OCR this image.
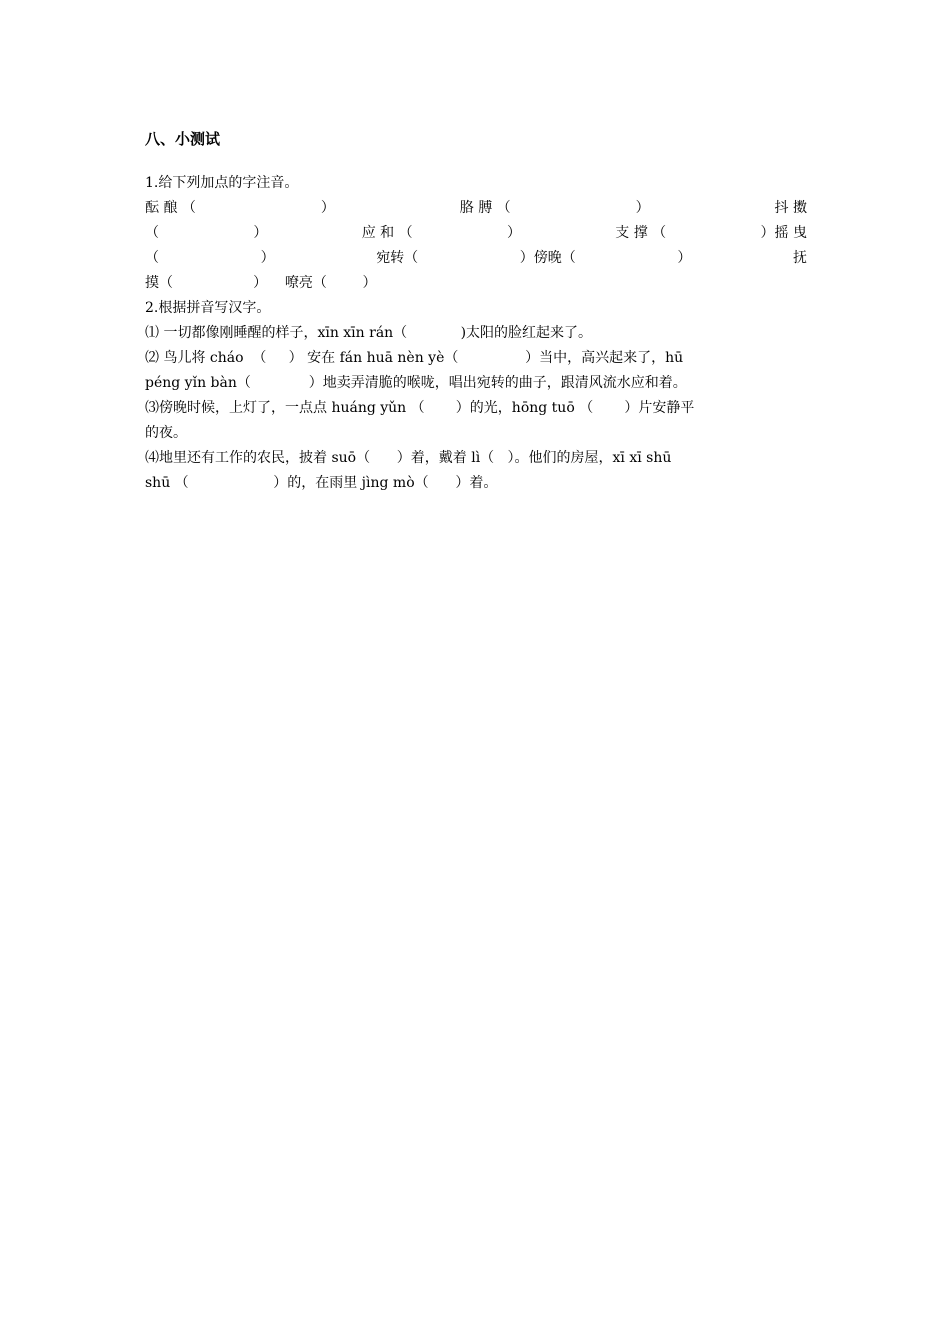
八、小测试
1.给下列加点的字注音。
酝 酿 （	）	胳 膊 （	）	抖 擞
（	）	应 和 （	）	支 撑 （	）摇 曳
（	）	宛转（	）傍晚（	）	抚
摸（                  ）    嘹亮（        ）
2.根据拼音写汉字。
⑴ 一切都像刚睡醒的样子，xīn xīn rán（            )太阳的脸红起来了。
⑵ 鸟儿将 cháo  （     ） 安在 fán huā nèn yè（               ）当中，高兴起来了，hū
péng yǐn bàn（             ）地卖弄清脆的喉咙，唱出宛转的曲子，跟清风流水应和着。
⑶傍晚时候，上灯了，一点点 huáng yǔn （       ）的光，hōng tuō （       ）片安静平
的夜。
⑷地里还有工作的农民，披着 suō（      ）着，戴着 lì（   ）。他们的房屋，xī xī shū
shū （                   ）的，在雨里 jìng mò（      ）着。
